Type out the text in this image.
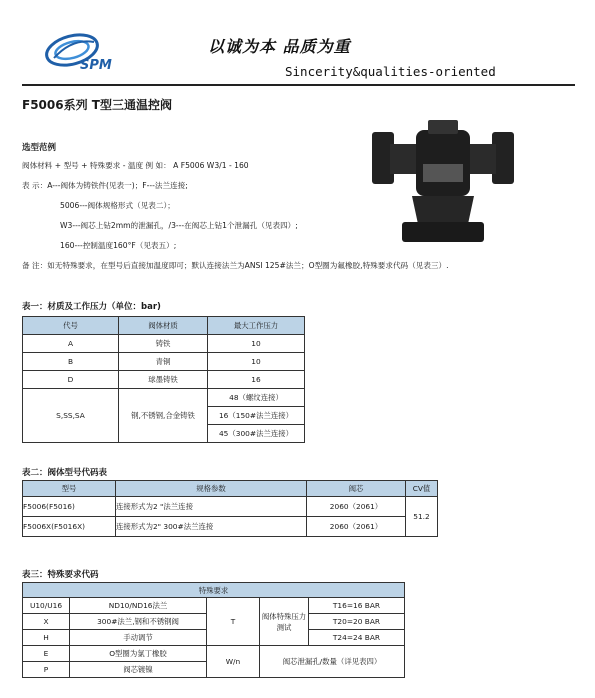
SPM
以诚为本 品质为重
Sincerity&qualities-oriented
F5006系列 T型三通温控阀
选型范例
阀体材料 + 型号 + 特殊要求 - 温度 例 如： A F5006 W3/1 - 160
表 示：A---阀体为铸铁件(见表一)；F---法兰连接;
5006---阀体规格形式（见表二）；
W3---阀芯上钻2mm的泄漏孔，/3---在阀芯上钻1个泄漏孔（见表四）;
160---控制温度160°F（见表五）;
备 注：如无特殊要求，在型号后直接加温度即可；默认连接法兰为ANSI 125#法兰；O型圈为氟橡胶,特殊要求代码（见表三）.
表一：材质及工作压力（单位：bar)
代号	阀体材质	最大工作压力
A	铸铁	10
B	青铜	10
D	球墨铸铁	16
S,SS,SA	钢,不锈钢,合金铸铁	48（螺纹连接）
		16（150#法兰连接）
		45（300#法兰连接）
表二：阀体型号代码表
型号	规格参数	阀芯	CV值
F5006(F5016)	连接形式为2 "法兰连接	2060（2061）	51.2
F5006X(F5016X)	连接形式为2" 300#法兰连接	2060（2061）	
表三：特殊要求代码
特殊要求				
U10/U16	ND10/ND16法兰	T	阀体特殊压力测试	T16=16 BAR
X	300#法兰,钢和不锈钢阀			T20=20 BAR
H	手动调节			T24=24 BAR
E	O型圈为氯丁橡胶	W/n	阀芯泄漏孔/数量（详见表四）	
P	阀芯镀镍			
